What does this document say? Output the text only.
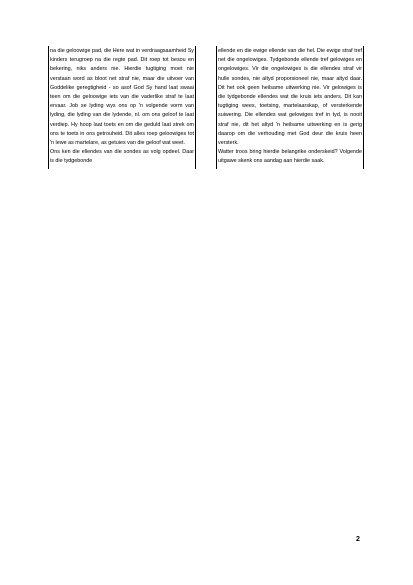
na die geloowige pad, die Here wat in verdraagsaamheid Sy kinders terugroep na die regte pad. Dit roep tot besou en bekering, niks anders nie. Hierdie tugtiging moet nie verstaan word as bloot net straf nie, maar die uitvoer van Goddelike geregtigheid - so asof God Sy hand laat swaai teen om die geloowige iets van die vaderlike straf te laat ervaar. Job se lyding wys ons op 'n volgende vorm van lyding, die lyding van die lydende, nl. om ons geloof te laat verdiep. Hy hoop laat toets en om die geduld laat strek om ons te toets in ons getrouheid. Dit alles roep geloowiges tot 'n lewe as martelare, as getuies van die geloof wat weet.

Ons ken die ellendes van die sondes as volg opdeel. Daar is die tydgebonde

ellende en die ewige ellende van die hel. Die ewige straf tref net die ongelowiges. Tydgebonde ellende tref gelowiges en ongelowiges. Vir die ongelowiges is die ellendes straf vir hulle sondes, nie altyd proporsioneel nie, maar altyd daar. Dit het ook geen heilsame uitwerking nie. Vir gelowiges is die tydgebonde ellendes wat die kruis iets anders. Dit kan tugtiging wees, toetsing, martelaarskap, of versterkende suiwering. Die ellendes wat gelowiges tref in tyd, is nooit straf nie, dit het altyd 'n heilsame uitwerking en is gerig daarop om die verhouding met God deur die kruis heen versterk.

Watter troos bring hierdie belangrike onderskeid? Volgende uitgawe skenk ons aandag aan hierdie saak.

2
